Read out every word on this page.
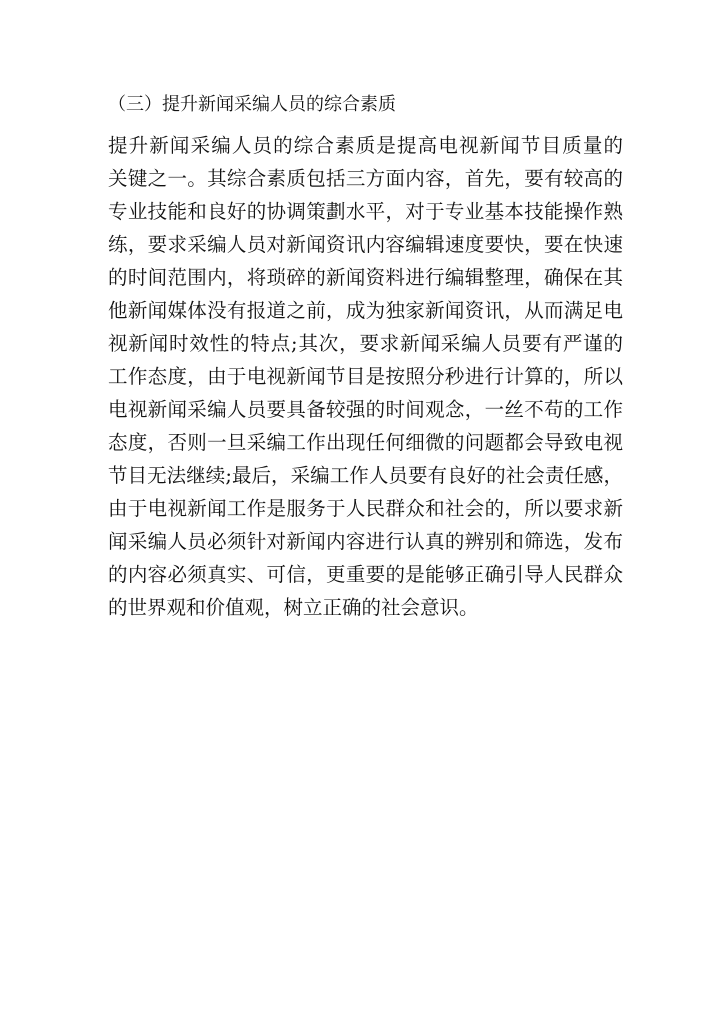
（三）提升新闻采编人员的综合素质
提升新闻采编人员的综合素质是提高电视新闻节目质量的
关键之一。其综合素质包括三方面内容，首先，要有较高的
专业技能和良好的协调策劃水平，对于专业基本技能操作熟
练，要求采编人员对新闻资讯内容编辑速度要快，要在快速
的时间范围内，将琐碎的新闻资料进行编辑整理，确保在其
他新闻媒体没有报道之前，成为独家新闻资讯，从而满足电
视新闻时效性的特点;其次，要求新闻采编人员要有严谨的
工作态度，由于电视新闻节目是按照分秒进行计算的，所以
电视新闻采编人员要具备较强的时间观念，一丝不苟的工作
态度，否则一旦采编工作出现任何细微的问题都会导致电视
节目无法继续;最后，采编工作人员要有良好的社会责任感，
由于电视新闻工作是服务于人民群众和社会的，所以要求新
闻采编人员必须针对新闻内容进行认真的辨别和筛选，发布
的内容必须真实、可信，更重要的是能够正确引导人民群众
的世界观和价值观，树立正确的社会意识。
